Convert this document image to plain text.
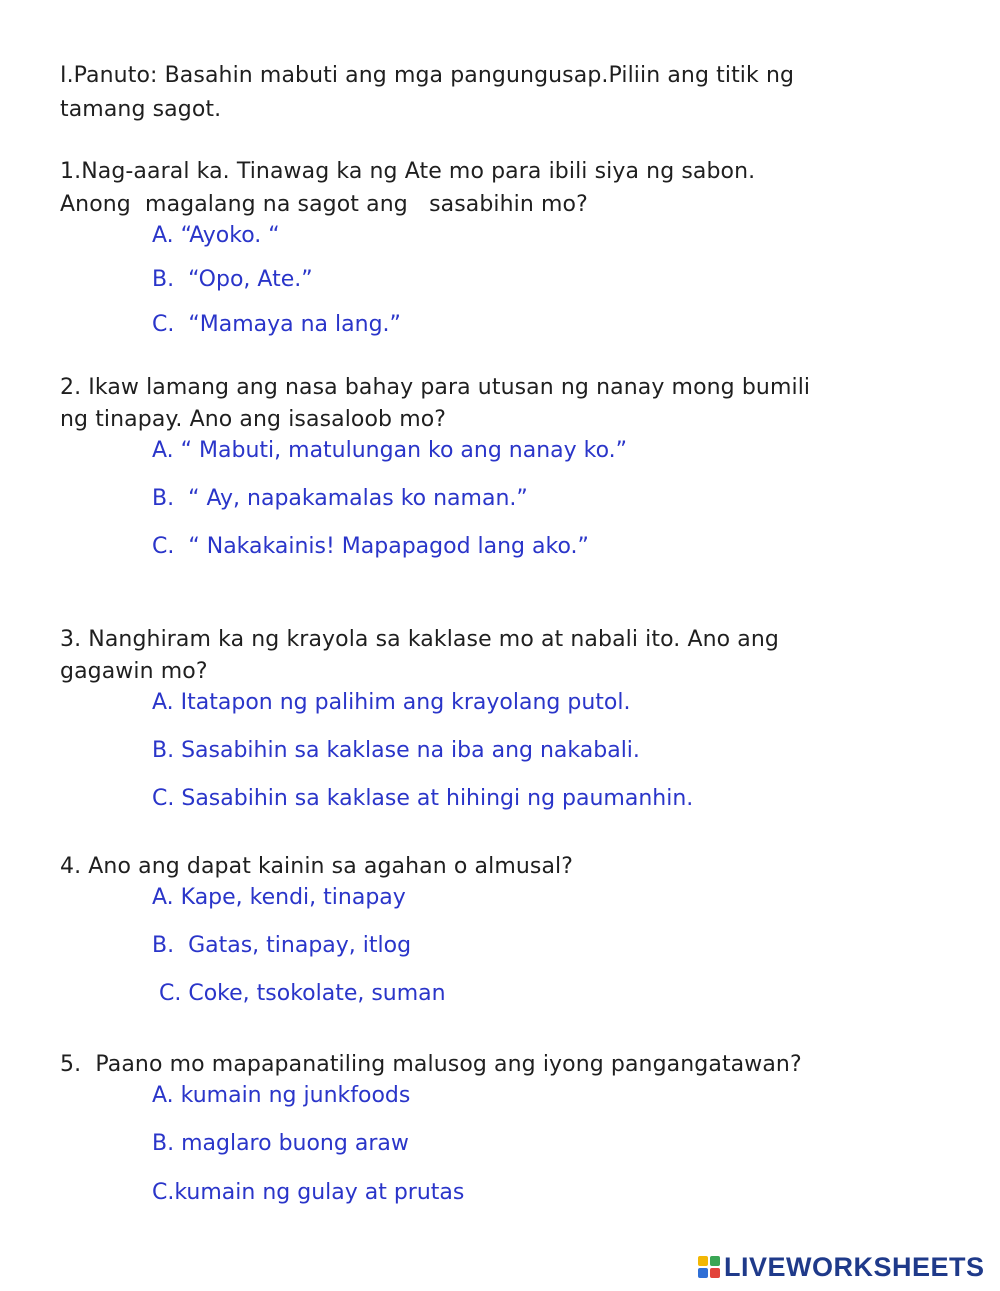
I.Panuto: Basahin mabuti ang mga pangungusap.Piliin ang titik ng

tamang sagot.

1.Nag-aaral ka. Tinawag ka ng Ate mo para ibili siya ng sabon.

Anong  magalang na sagot ang   sasabihin mo?

A. “Ayoko. “
B.  “Opo, Ate.”
C.  “Mamaya na lang.”

2. Ikaw lamang ang nasa bahay para utusan ng nanay mong bumili

ng tinapay. Ano ang isasaloob mo?

A. “ Mabuti, matulungan ko ang nanay ko.”
B.  “ Ay, napakamalas ko naman.”
C.  “ Nakakainis! Mapapagod lang ako.”

3. Nanghiram ka ng krayola sa kaklase mo at nabali ito. Ano ang

gagawin mo?

A. Itatapon ng palihim ang krayolang putol.
B. Sasabihin sa kaklase na iba ang nakabali.
C. Sasabihin sa kaklase at hihingi ng paumanhin.

4. Ano ang dapat kainin sa agahan o almusal?

A. Kape, kendi, tinapay
B.  Gatas, tinapay, itlog
C. Coke, tsokolate, suman

5.  Paano mo mapapanatiling malusog ang iyong pangangatawan?

A. kumain ng junkfoods
B. maglaro buong araw
C.kumain ng gulay at prutas
LIVEWORKSHEETS
